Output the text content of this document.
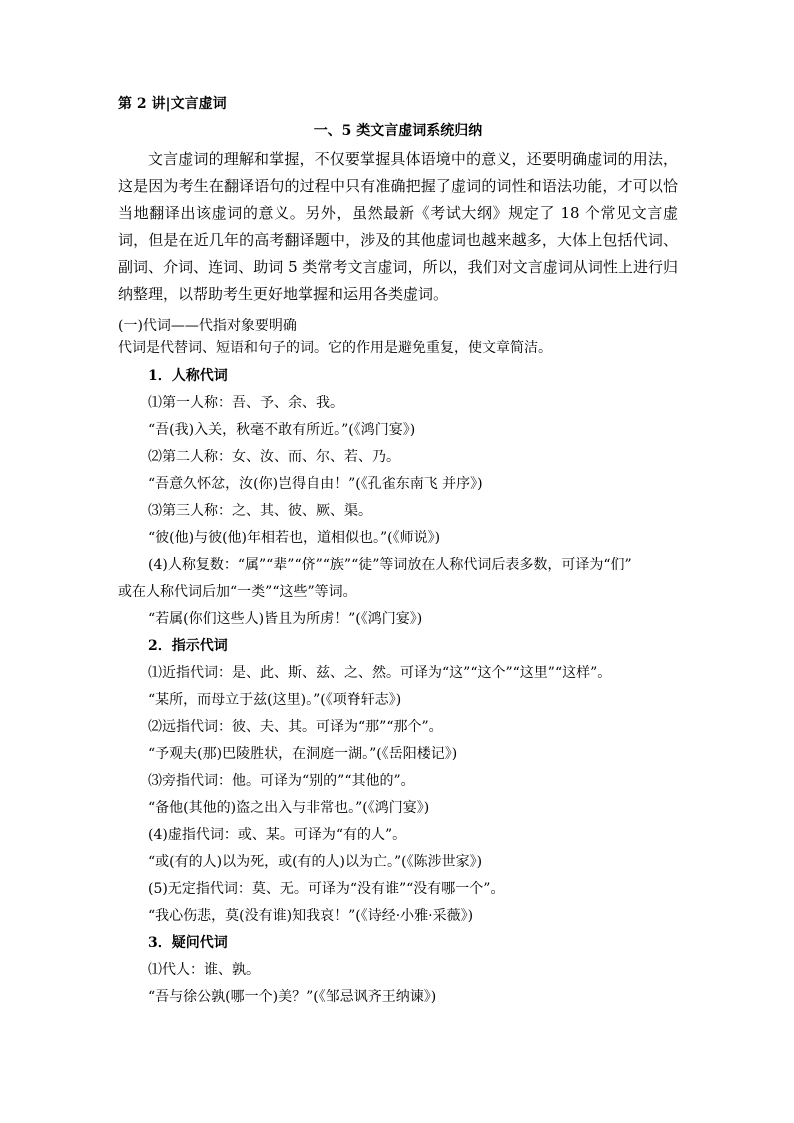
第 2 讲|文言虚词
一、5 类文言虚词系统归纳
文言虚词的理解和掌握，不仅要掌握具体语境中的意义，还要明确虚词的用法，这是因为考生在翻译语句的过程中只有准确把握了虚词的词性和语法功能，才可以恰当地翻译出该虚词的意义。另外，虽然最新《考试大纲》规定了 18 个常见文言虚词，但是在近几年的高考翻译题中，涉及的其他虚词也越来越多，大体上包括代词、副词、介词、连词、助词 5 类常考文言虚词，所以，我们对文言虚词从词性上进行归纳整理，以帮助考生更好地掌握和运用各类虚词。
(一)代词——代指对象要明确
代词是代替词、短语和句子的词。它的作用是避免重复，使文章简洁。
1．人称代词
⑴第一人称：吾、予、余、我。
“吾(我)入关，秋毫不敢有所近。”(《鸿门宴》)
⑵第二人称：女、汝、而、尔、若、乃。
“吾意久怀忿，汝(你)岂得自由！”(《孔雀东南飞 并序》)
⑶第三人称：之、其、彼、厥、渠。
“彼(他)与彼(他)年相若也，道相似也。”(《师说》)
(4)人称复数：“属”“辈”“侪”“族”“徒”等词放在人称代词后表多数，可译为“们”
或在人称代词后加“一类”“这些”等词。
“若属(你们这些人)皆且为所虏！”(《鸿门宴》)
2．指示代词
⑴近指代词：是、此、斯、兹、之、然。可译为“这”“这个”“这里”“这样”。
“某所，而母立于兹(这里)。”(《项脊轩志》)
⑵远指代词：彼、夫、其。可译为“那”“那个”。
“予观夫(那)巴陵胜状，在洞庭一湖。”(《岳阳楼记》)
⑶旁指代词：他。可译为“别的”“其他的”。
“备他(其他的)盗之出入与非常也。”(《鸿门宴》)
(4)虚指代词：或、某。可译为“有的人”。
“或(有的人)以为死，或(有的人)以为亡。”(《陈涉世家》)
(5)无定指代词：莫、无。可译为“没有谁”“没有哪一个”。
“我心伤悲，莫(没有谁)知我哀！”(《诗经·小雅·采薇》)
3．疑问代词
⑴代人：谁、孰。
“吾与徐公孰(哪一个)美？”(《邹忌讽齐王纳谏》)
